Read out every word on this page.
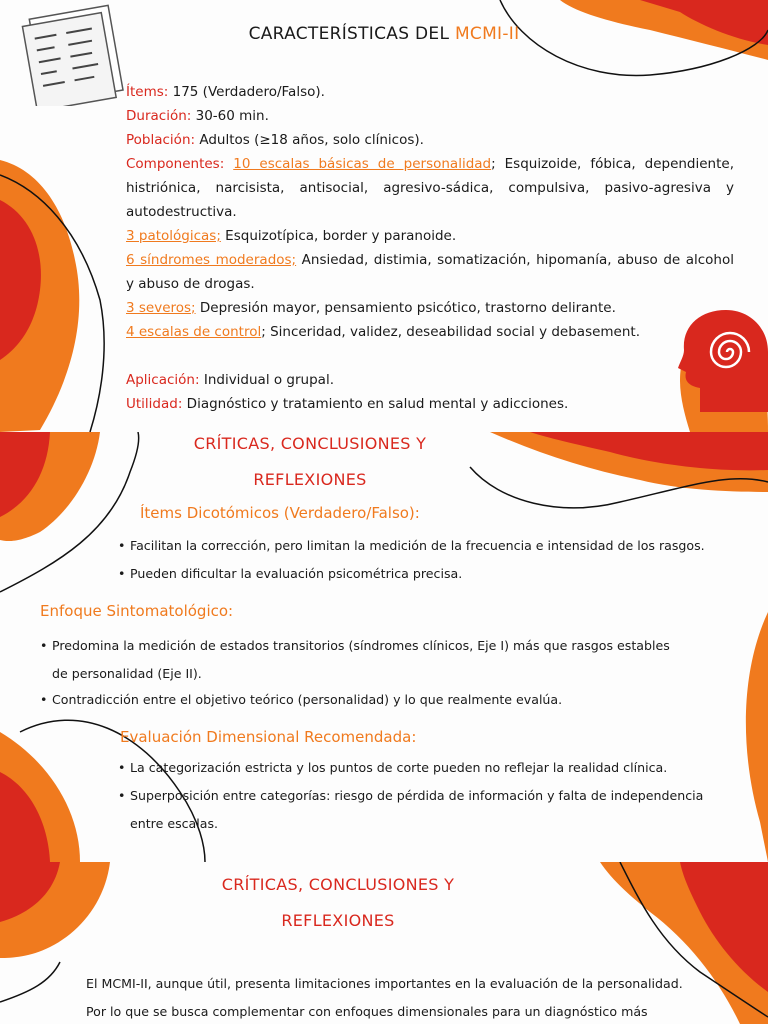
CARACTERÍSTICAS DEL MCMI-II

Ítems: 175 (Verdadero/Falso).

Duración: 30-60 min.

Población: Adultos (≥18 años, solo clínicos).

Componentes: 10 escalas básicas de personalidad; Esquizoide, fóbica, dependiente, histriónica, narcisista, antisocial, agresivo-sádica, compulsiva, pasivo-agresiva y autodestructiva.

3 patológicas; Esquizotípica, border y paranoide.

6 síndromes moderados; Ansiedad, distimia, somatización, hipomanía, abuso de alcohol y abuso de drogas.

3 severos; Depresión mayor, pensamiento psicótico, trastorno delirante.

4 escalas de control; Sinceridad, validez, deseabilidad social y debasement.

Aplicación: Individual o grupal.

Utilidad: Diagnóstico y tratamiento en salud mental y adicciones.

CRÍTICAS, CONCLUSIONES Y
REFLEXIONES
Ítems Dicotómicos (Verdadero/Falso):
• Facilitan la corrección, pero limitan la medición de la frecuencia e intensidad de los rasgos.
• Pueden dificultar la evaluación psicométrica precisa.
Enfoque Sintomatológico:
• Predomina la medición de estados transitorios (síndromes clínicos, Eje I) más que rasgos estables
de personalidad (Eje II).
• Contradicción entre el objetivo teórico (personalidad) y lo que realmente evalúa.
Evaluación Dimensional Recomendada:
• La categorización estricta y los puntos de corte pueden no reflejar la realidad clínica.
• Superposición entre categorías: riesgo de pérdida de información y falta de independencia
entre escalas.
CRÍTICAS, CONCLUSIONES Y
REFLEXIONES
El MCMI-II, aunque útil, presenta limitaciones importantes en la evaluación de la personalidad.
Por lo que se busca complementar con enfoques dimensionales para un diagnóstico más
